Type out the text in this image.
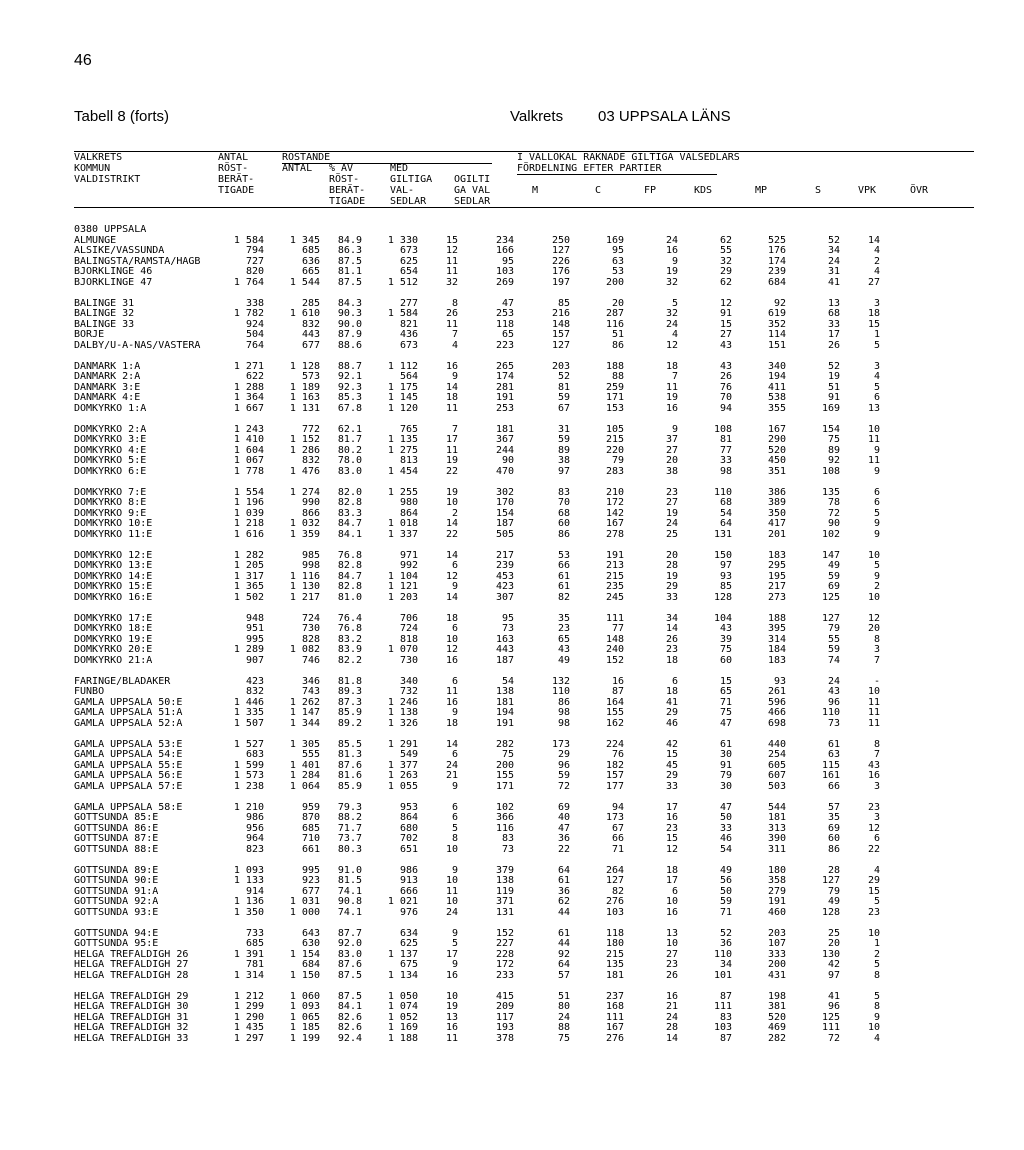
46
Tabell 8 (forts)	Valkrets 03 UPPSALA LÄNS
VALKRETS
KOMMUN
VALDISTRIKT
ANTAL
RÖST-
BERÄT-
TIGADE
RÖSTANDE
ANTAL % AV
RÖST-
BERÄT-
TIGADE
MED
GILTIGA
VAL-
SEDLAR
OGILTI
GA VAL
SEDLAR
I VALLOKAL RÄKNADE GILTIGA VALSEDLARS
FÖRDELNING EFTER PARTIER
M	C	FP	KDS	MP	S	VPK	ÖVR
0380 UPPSALA													
ALMUNGE	1 584	1 345	84.9	1 330	15	234	250	169	24	62	525	52	14
ALSIKE/VASSUNDA	794	685	86.3	673	12	166	127	95	16	55	176	34	4
BALINGSTA/RAMSTA/HAGB	727	636	87.5	625	11	95	226	63	9	32	174	24	2
BJÖRKLINGE 46	820	665	81.1	654	11	103	176	53	19	29	239	31	4
BJÖRKLINGE 47	1 764	1 544	87.5	1 512	32	269	197	200	32	62	684	41	27

BÄLINGE 31	338	285	84.3	277	8	47	85	20	5	12	92	13	3
BÄLINGE 32	1 782	1 610	90.3	1 584	26	253	216	287	32	91	619	68	18
BÄLINGE 33	924	832	90.0	821	11	118	148	116	24	15	352	33	15
BÖRJE	504	443	87.9	436	7	65	157	51	4	27	114	17	1
DALBY/U-A-NÄS/VÄSTERÅ	764	677	88.6	673	4	223	127	86	12	43	151	26	5

DANMARK 1:A	1 271	1 128	88.7	1 112	16	265	203	188	18	43	340	52	3
DANMARK 2:A	622	573	92.1	564	9	174	52	88	7	26	194	19	4
DANMARK 3:E	1 288	1 189	92.3	1 175	14	281	81	259	11	76	411	51	5
DANMARK 4:E	1 364	1 163	85.3	1 145	18	191	59	171	19	70	538	91	6
DOMKYRKO 1:A	1 667	1 131	67.8	1 120	11	253	67	153	16	94	355	169	13

DOMKYRKO 2:A	1 243	772	62.1	765	7	181	31	105	9	108	167	154	10
DOMKYRKO 3:E	1 410	1 152	81.7	1 135	17	367	59	215	37	81	290	75	11
DOMKYRKO 4:E	1 604	1 286	80.2	1 275	11	244	89	220	27	77	520	89	9
DOMKYRKO 5:E	1 067	832	78.0	813	19	90	38	79	20	33	450	92	11
DOMKYRKO 6:E	1 778	1 476	83.0	1 454	22	470	97	283	38	98	351	108	9

DOMKYRKO 7:E	1 554	1 274	82.0	1 255	19	302	83	210	23	110	386	135	6
DOMKYRKO 8:E	1 196	990	82.8	980	10	170	70	172	27	68	389	78	6
DOMKYRKO 9:E	1 039	866	83.3	864	2	154	68	142	19	54	350	72	5
DOMKYRKO 10:E	1 218	1 032	84.7	1 018	14	187	60	167	24	64	417	90	9
DOMKYRKO 11:E	1 616	1 359	84.1	1 337	22	505	86	278	25	131	201	102	9

DOMKYRKO 12:E	1 282	985	76.8	971	14	217	53	191	20	150	183	147	10
DOMKYRKO 13:E	1 205	998	82.8	992	6	239	66	213	28	97	295	49	5
DOMKYRKO 14:E	1 317	1 116	84.7	1 104	12	453	61	215	19	93	195	59	9
DOMKYRKO 15:E	1 365	1 130	82.8	1 121	9	423	61	235	29	85	217	69	2
DOMKYRKO 16:E	1 502	1 217	81.0	1 203	14	307	82	245	33	128	273	125	10

DOMKYRKO 17:E	948	724	76.4	706	18	95	35	111	34	104	188	127	12
DOMKYRKO 18:E	951	730	76.8	724	6	73	23	77	14	43	395	79	20
DOMKYRKO 19:E	995	828	83.2	818	10	163	65	148	26	39	314	55	8
DOMKYRKO 20:E	1 289	1 082	83.9	1 070	12	443	43	240	23	75	184	59	3
DOMKYRKO 21:A	907	746	82.2	730	16	187	49	152	18	60	183	74	7

FARINGE/BLADÅKER	423	346	81.8	340	6	54	132	16	6	15	93	24	-
FUNBO	832	743	89.3	732	11	138	110	87	18	65	261	43	10
GAMLA UPPSALA 50:E	1 446	1 262	87.3	1 246	16	181	86	164	41	71	596	96	11
GAMLA UPPSALA 51:A	1 335	1 147	85.9	1 138	9	194	98	155	29	75	466	110	11
GAMLA UPPSALA 52:A	1 507	1 344	89.2	1 326	18	191	98	162	46	47	698	73	11

GAMLA UPPSALA 53:E	1 527	1 305	85.5	1 291	14	282	173	224	42	61	440	61	8
GAMLA UPPSALA 54:E	683	555	81.3	549	6	75	29	76	15	30	254	63	7
GAMLA UPPSALA 55:E	1 599	1 401	87.6	1 377	24	200	96	182	45	91	605	115	43
GAMLA UPPSALA 56:E	1 573	1 284	81.6	1 263	21	155	59	157	29	79	607	161	16
GAMLA UPPSALA 57:E	1 238	1 064	85.9	1 055	9	171	72	177	33	30	503	66	3

GAMLA UPPSALA 58:E	1 210	959	79.3	953	6	102	69	94	17	47	544	57	23
GOTTSUNDA 85:E	986	870	88.2	864	6	366	40	173	16	50	181	35	3
GOTTSUNDA 86:E	956	685	71.7	680	5	116	47	67	23	33	313	69	12
GOTTSUNDA 87:E	964	710	73.7	702	8	83	36	66	15	46	390	60	6
GOTTSUNDA 88:E	823	661	80.3	651	10	73	22	71	12	54	311	86	22

GOTTSUNDA 89:E	1 093	995	91.0	986	9	379	64	264	18	49	180	28	4
GOTTSUNDA 90:E	1 133	923	81.5	913	10	138	61	127	17	56	358	127	29
GOTTSUNDA 91:A	914	677	74.1	666	11	119	36	82	6	50	279	79	15
GOTTSUNDA 92:A	1 136	1 031	90.8	1 021	10	371	62	276	10	59	191	49	5
GOTTSUNDA 93:E	1 350	1 000	74.1	976	24	131	44	103	16	71	460	128	23

GOTTSUNDA 94:E	733	643	87.7	634	9	152	61	118	13	52	203	25	10
GOTTSUNDA 95:E	685	630	92.0	625	5	227	44	180	10	36	107	20	1
HELGA TREFALDIGH 26	1 391	1 154	83.0	1 137	17	228	92	215	27	110	333	130	2
HELGA TREFALDIGH 27	781	684	87.6	675	9	172	64	135	23	34	200	42	5
HELGA TREFALDIGH 28	1 314	1 150	87.5	1 134	16	233	57	181	26	101	431	97	8

HELGA TREFALDIGH 29	1 212	1 060	87.5	1 050	10	415	51	237	16	87	198	41	5
HELGA TREFALDIGH 30	1 299	1 093	84.1	1 074	19	209	80	168	21	111	381	96	8
HELGA TREFALDIGH 31	1 290	1 065	82.6	1 052	13	117	24	111	24	83	520	125	9
HELGA TREFALDIGH 32	1 435	1 185	82.6	1 169	16	193	88	167	28	103	469	111	10
HELGA TREFALDIGH 33	1 297	1 199	92.4	1 188	11	378	75	276	14	87	282	72	4
